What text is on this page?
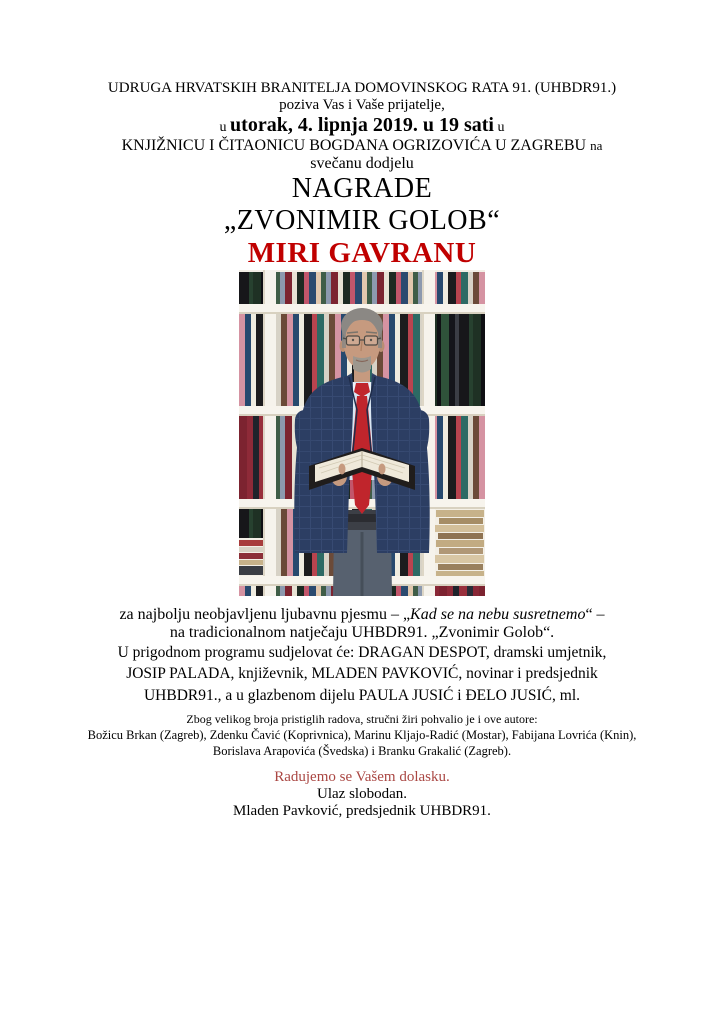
UDRUGA HRVATSKIH BRANITELJA DOMOVINSKOG RATA 91. (UHBDR91.)

poziva Vas i Vaše prijatelje,

u utorak, 4. lipnja 2019. u 19 sati u

KNJIŽNICU I ČITAONICU BOGDANA OGRIZOVIĆA U ZAGREBU na

svečanu dodjelu

NAGRADE

„ZVONIMIR GOLOB“

MIRI GAVRANU

za najbolju neobjavljenu ljubavnu pjesmu – „Kad se na nebu susretnemo“ –

na tradicionalnom natječaju UHBDR91. „Zvonimir Golob“.

U prigodnom programu sudjelovat će: DRAGAN DESPOT, dramski umjetnik,

JOSIP PALADA, književnik, MLADEN PAVKOVIĆ, novinar i predsjednik

UHBDR91., a u glazbenom dijelu PAULA JUSIĆ i ĐELO JUSIĆ, ml.

Zbog velikog broja pristiglih radova, stručni žiri pohvalio je i ove autore:

Božicu Brkan (Zagreb), Zdenku Čavić (Koprivnica), Marinu Kljajo-Radić (Mostar), Fabijana Lovrića (Knin),

Borislava Arapovića (Švedska) i Branku Grakalić (Zagreb).

Radujemo se Vašem dolasku.

Ulaz slobodan.

Mladen Pavković, predsjednik UHBDR91.
